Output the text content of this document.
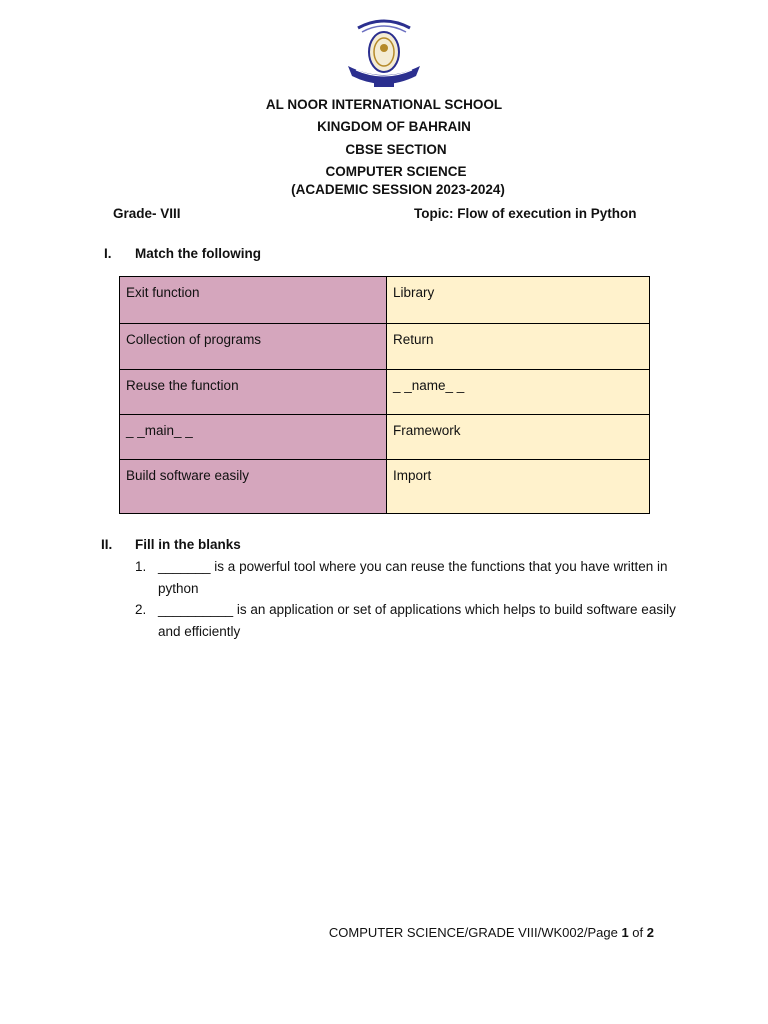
AL NOOR INTERNATIONAL SCHOOL
KINGDOM OF BAHRAIN
CBSE SECTION
COMPUTER SCIENCE
(ACADEMIC SESSION 2023-2024)
Grade- VIII	Topic: Flow of execution in Python
I. Match the following
Exit function	Library
Collection of programs	Return
Reuse the function	_ _name_ _
_ _main_ _	Framework
Build software easily	Import
II. Fill in the blanks
1. _______ is a powerful tool where you can reuse the functions that you have written in python
2. __________ is an application or set of applications which helps to build software easily and efficiently
COMPUTER SCIENCE/GRADE VIII/WK002/Page 1 of 2
